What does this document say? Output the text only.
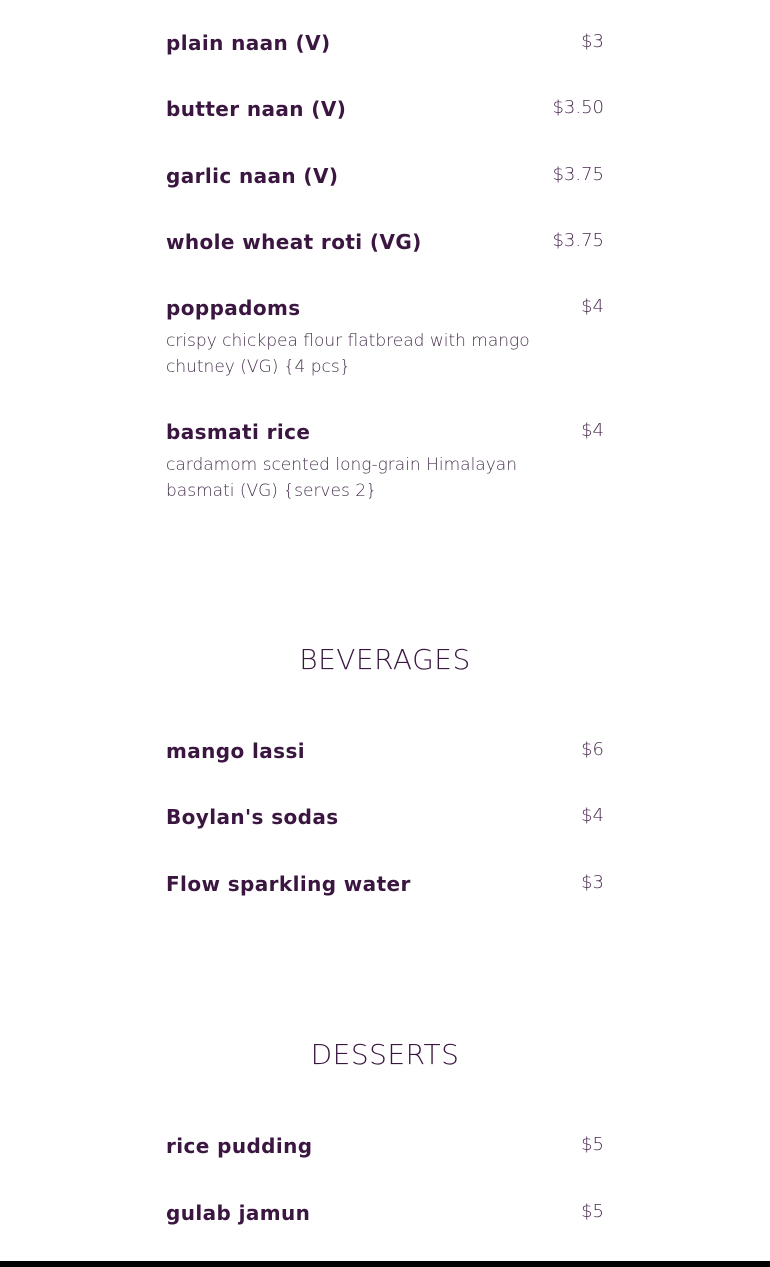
plain naan (V)	$3
butter naan (V)	$3.50
garlic naan (V)	$3.75
whole wheat roti (VG)	$3.75
poppadoms	$4
crispy chickpea flour flatbread with mango chutney (VG) {4 pcs}
basmati rice	$4
cardamom scented long-grain Himalayan basmati (VG) {serves 2}
mango lassi	$6
Boylan's sodas	$4
Flow sparkling water	$3
rice pudding	$5
gulab jamun	$5
BEVERAGES
DESSERTS
